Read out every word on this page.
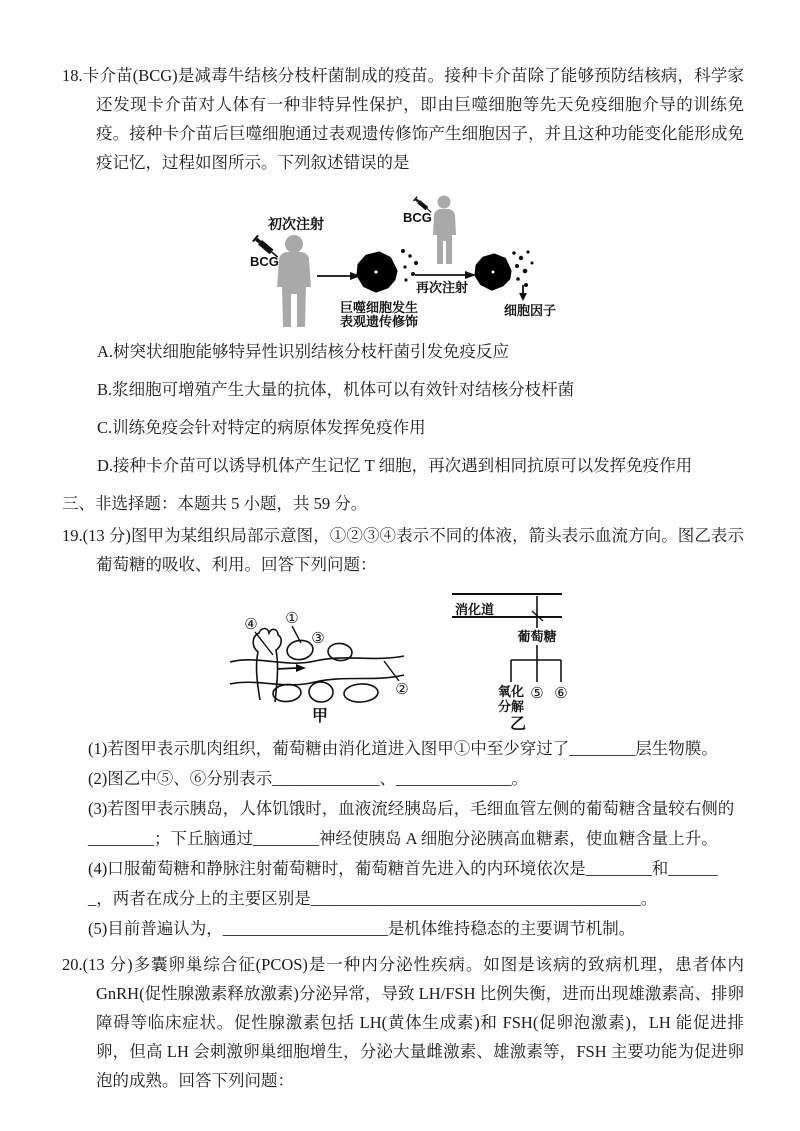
18.卡介苗(BCG)是减毒牛结核分枝杆菌制成的疫苗。接种卡介苗除了能够预防结核病，科学家还发现卡介苗对人体有一种非特异性保护，即由巨噬细胞等先天免疫细胞介导的训练免疫。接种卡介苗后巨噬细胞通过表观遗传修饰产生细胞因子，并且这种功能变化能形成免疫记忆，过程如图所示。下列叙述错误的是

初次注射
BCG
巨噬细胞发生
表观遗传修饰
BCG
再次注射
细胞因子
A.树突状细胞能够特异性识别结核分枝杆菌引发免疫反应
B.浆细胞可增殖产生大量的抗体，机体可以有效针对结核分枝杆菌
C.训练免疫会针对特定的病原体发挥免疫作用
D.接种卡介苗可以诱导机体产生记忆 T 细胞，再次遇到相同抗原可以发挥免疫作用
三、非选择题：本题共 5 小题，共 59 分。

19.(13 分)图甲为某组织局部示意图，①②③④表示不同的体液，箭头表示血流方向。图乙表示葡萄糖的吸收、利用。回答下列问题：

④ ①
③
②
甲
消化道
葡萄糖
氧化
分解
⑤ ⑥
乙
(1)若图甲表示肌肉组织，葡萄糖由消化道进入图甲①中至少穿过了________层生物膜。
(2)图乙中⑤、⑥分别表示_____________、______________。
(3)若图甲表示胰岛，人体饥饿时，血液流经胰岛后，毛细血管左侧的葡萄糖含量较右侧的
________；下丘脑通过________神经使胰岛 A 细胞分泌胰高血糖素，使血糖含量上升。
(4)口服葡萄糖和静脉注射葡萄糖时，葡萄糖首先进入的内环境依次是________和______
_，两者在成分上的主要区别是________________________________________。
(5)目前普遍认为，____________________是机体维持稳态的主要调节机制。

20.(13 分)多囊卵巢综合征(PCOS)是一种内分泌性疾病。如图是该病的致病机理，患者体内 GnRH(促性腺激素释放激素)分泌异常，导致 LH/FSH 比例失衡，进而出现雄激素高、排卵障碍等临床症状。促性腺激素包括 LH(黄体生成素)和 FSH(促卵泡激素)，LH 能促进排卵，但高 LH 会刺激卵巢细胞增生，分泌大量雌激素、雄激素等，FSH 主要功能为促进卵泡的成熟。回答下列问题：
